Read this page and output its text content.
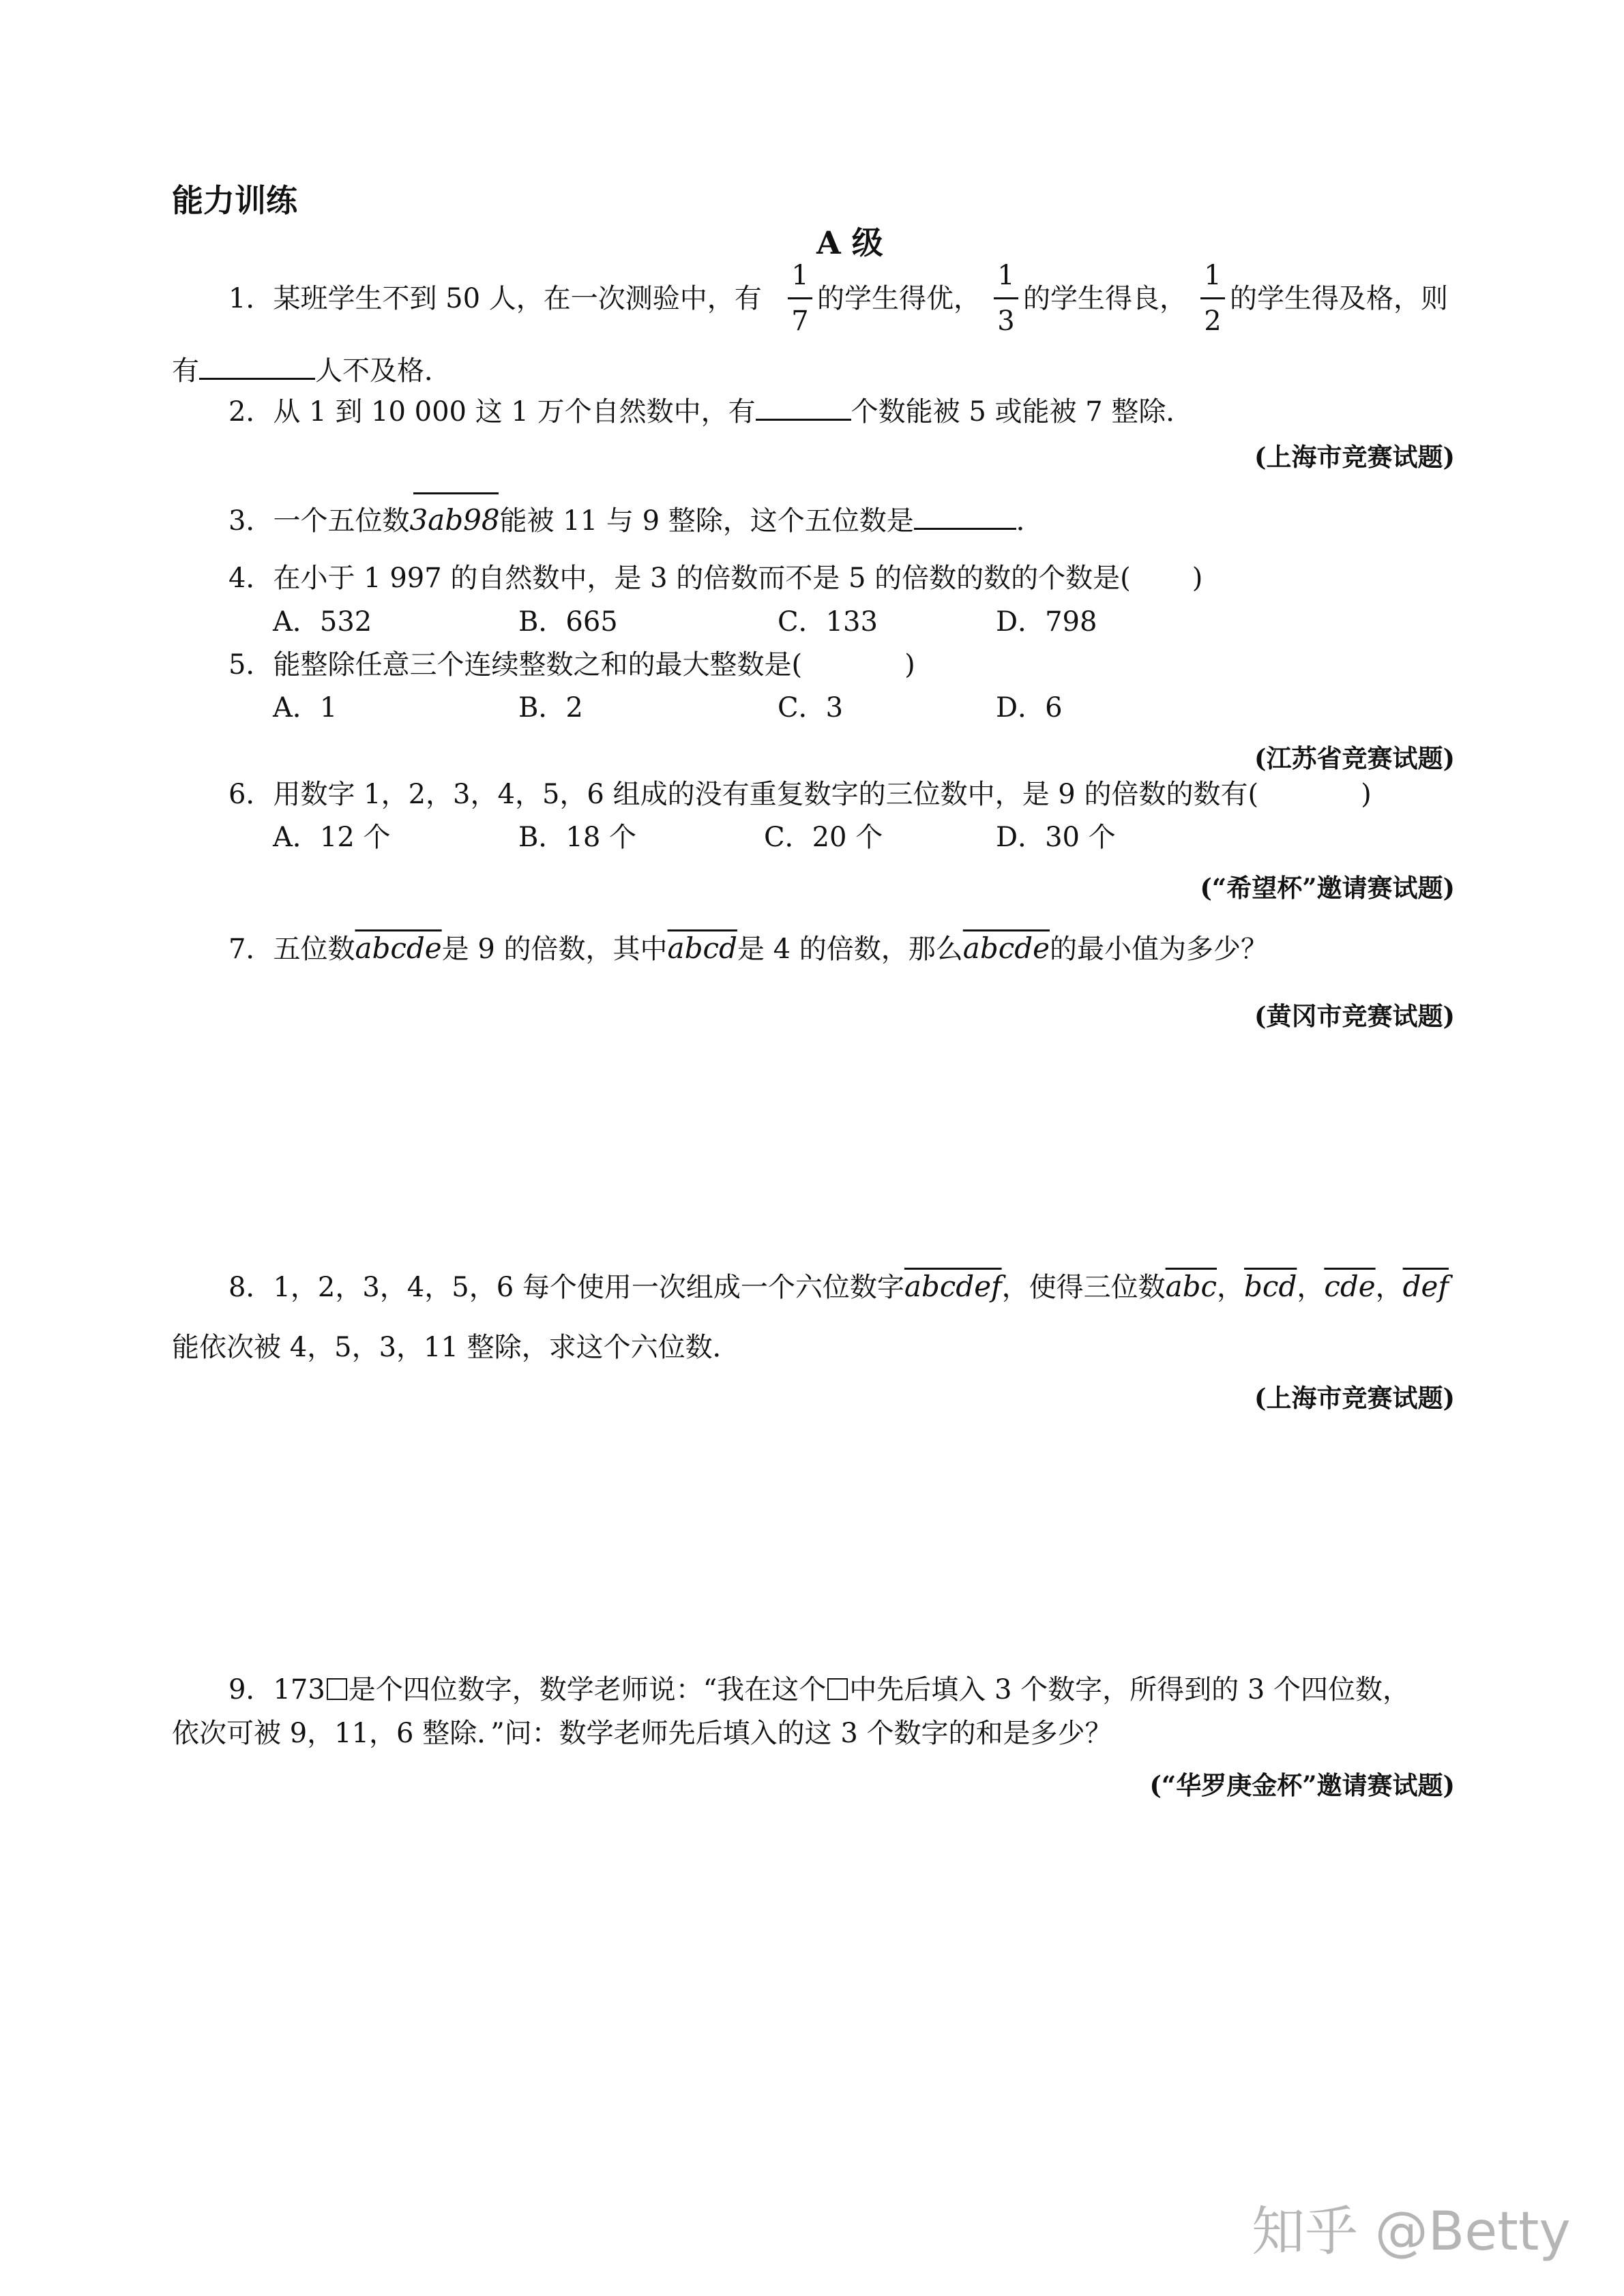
能力训练
A 级
1．某班学生不到 50 人，在一次测验中，有
1
7
的学生得优，
1
3
的学生得良，
1
2
的学生得及格，则
有	人不及格．
2．从 1 到 10 000 这 1 万个自然数中，有	个数能被 5 或能被 7 整除．
(上海市竞赛试题)
3．一个五位数
3ab98能被 11 与 9 整除，这个五位数是	．
4．在小于 1 997 的自然数中，是 3 的倍数而不是 5 的倍数的数的个数是( )
A．532	B．665	C．133	D．798
5．能整除任意三个连续整数之和的最大整数是(	)
A．1	B．2	C．3	D．6
(江苏省竞赛试题)
6．用数字 1，2，3，4，5，6 组成的没有重复数字的三位数中，是 9 的倍数的数有(	)
A．12 个	B．18 个	C．20 个	D．30 个
(“希望杯”邀请赛试题)
7．五位数abcde是 9 的倍数，其中abcd是 4 的倍数，那么abcde的最小值为多少？
(黄冈市竞赛试题)
8．1，2，3，4，5，6 每个使用一次组成一个六位数字abcdef，使得三位数$\overline{abc}$，$\overline{bcd}$，$\overline{cde}$，$\overline{def}$
能依次被 4，5，3，11 整除，求这个六位数．
(上海市竞赛试题)
9．173 是个四位数字，数学老师说：“我在这个 中先后填入 3 个数字，所得到的 3 个四位数，
依次可被 9，11，6 整除．”问：数学老师先后填入的这 3 个数字的和是多少？
(“华罗庚金杯”邀请赛试题)
知乎 @Betty
